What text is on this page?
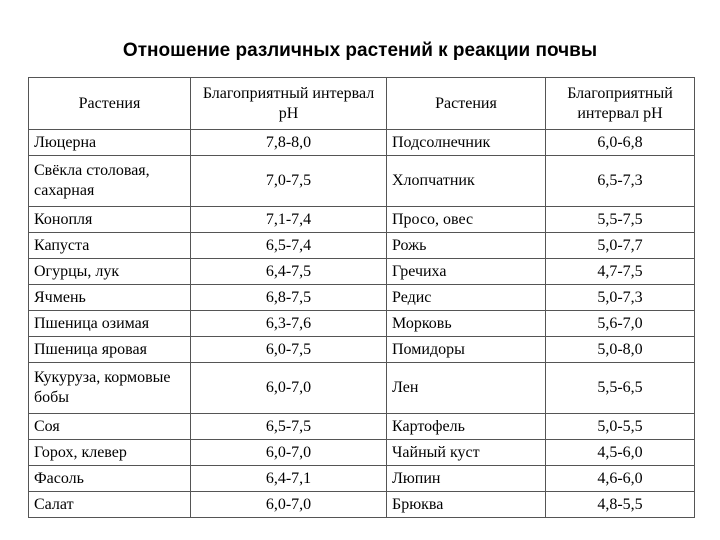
Отношение различных растений к реакции почвы
Растения	Благоприятный интервал рН	Растения	Благоприятный интервал рН
Люцерна	7,8-8,0	Подсолнечник	6,0-6,8
Свёкла столовая, сахарная	7,0-7,5	Хлопчатник	6,5-7,3
Конопля	7,1-7,4	Просо, овес	5,5-7,5
Капуста	6,5-7,4	Рожь	5,0-7,7
Огурцы, лук	6,4-7,5	Гречиха	4,7-7,5
Ячмень	6,8-7,5	Редис	5,0-7,3
Пшеница озимая	6,3-7,6	Морковь	5,6-7,0
Пшеница яровая	6,0-7,5	Помидоры	5,0-8,0
Кукуруза, кормовые бобы	6,0-7,0	Лен	5,5-6,5
Соя	6,5-7,5	Картофель	5,0-5,5
Горох, клевер	6,0-7,0	Чайный куст	4,5-6,0
Фасоль	6,4-7,1	Люпин	4,6-6,0
Салат	6,0-7,0	Брюква	4,8-5,5
